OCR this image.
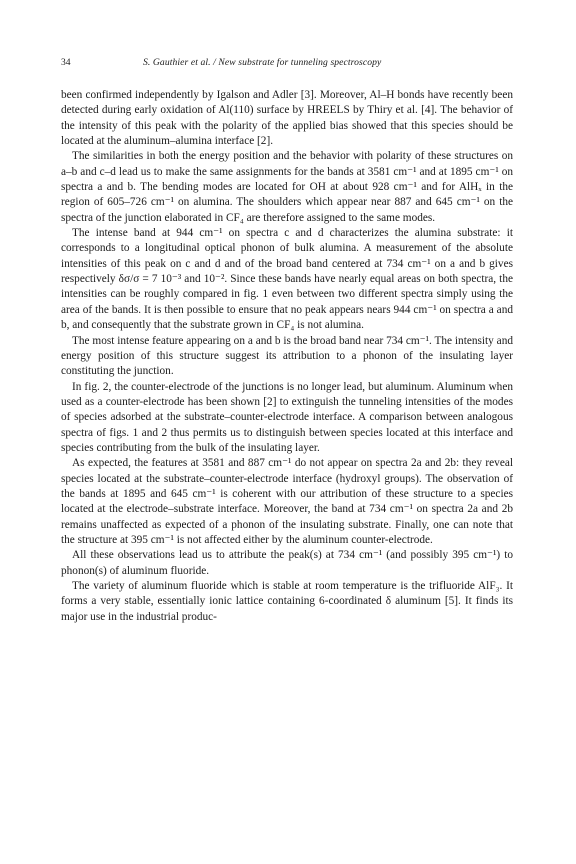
34	S. Gauthier et al. / New substrate for tunneling spectroscopy

been confirmed independently by Igalson and Adler [3]. Moreover, Al–H bonds have recently been detected during early oxidation of Al(110) surface by HREELS by Thiry et al. [4]. The behavior of the intensity of this peak with the polarity of the applied bias showed that this species should be located at the aluminum–alumina interface [2].

The similarities in both the energy position and the behavior with polarity of these structures on a–b and c–d lead us to make the same assignments for the bands at 3581 cm⁻¹ and at 1895 cm⁻¹ on spectra a and b. The bending modes are located for OH at about 928 cm⁻¹ and for AlHₓ in the region of 605–726 cm⁻¹ on alumina. The shoulders which appear near 887 and 645 cm⁻¹ on the spectra of the junction elaborated in CF₄ are therefore assigned to the same modes.

The intense band at 944 cm⁻¹ on spectra c and d characterizes the alumina substrate: it corresponds to a longitudinal optical phonon of bulk alumina. A measurement of the absolute intensities of this peak on c and d and of the broad band centered at 734 cm⁻¹ on a and b gives respectively δσ/σ = 7 10⁻³ and 10⁻². Since these bands have nearly equal areas on both spectra, the intensities can be roughly compared in fig. 1 even between two different spectra simply using the area of the bands. It is then possible to ensure that no peak appears nears 944 cm⁻¹ on spectra a and b, and consequently that the substrate grown in CF₄ is not alumina.

The most intense feature appearing on a and b is the broad band near 734 cm⁻¹. The intensity and energy position of this structure suggest its attribution to a phonon of the insulating layer constituting the junction.

In fig. 2, the counter-electrode of the junctions is no longer lead, but aluminum. Aluminum when used as a counter-electrode has been shown [2] to extinguish the tunneling intensities of the modes of species adsorbed at the substrate–counter-electrode interface. A comparison between analogous spectra of figs. 1 and 2 thus permits us to distinguish between species located at this interface and species contributing from the bulk of the insulating layer.

As expected, the features at 3581 and 887 cm⁻¹ do not appear on spectra 2a and 2b: they reveal species located at the substrate–counter-electrode interface (hydroxyl groups). The observation of the bands at 1895 and 645 cm⁻¹ is coherent with our attribution of these structure to a species located at the electrode–substrate interface. Moreover, the band at 734 cm⁻¹ on spectra 2a and 2b remains unaffected as expected of a phonon of the insulating substrate. Finally, one can note that the structure at 395 cm⁻¹ is not affected either by the aluminum counter-electrode.

All these observations lead us to attribute the peak(s) at 734 cm⁻¹ (and possibly 395 cm⁻¹) to phonon(s) of aluminum fluoride.

The variety of aluminum fluoride which is stable at room temperature is the trifluoride AlF₃. It forms a very stable, essentially ionic lattice containing 6-coordinated δ aluminum [5]. It finds its major use in the industrial produc-
